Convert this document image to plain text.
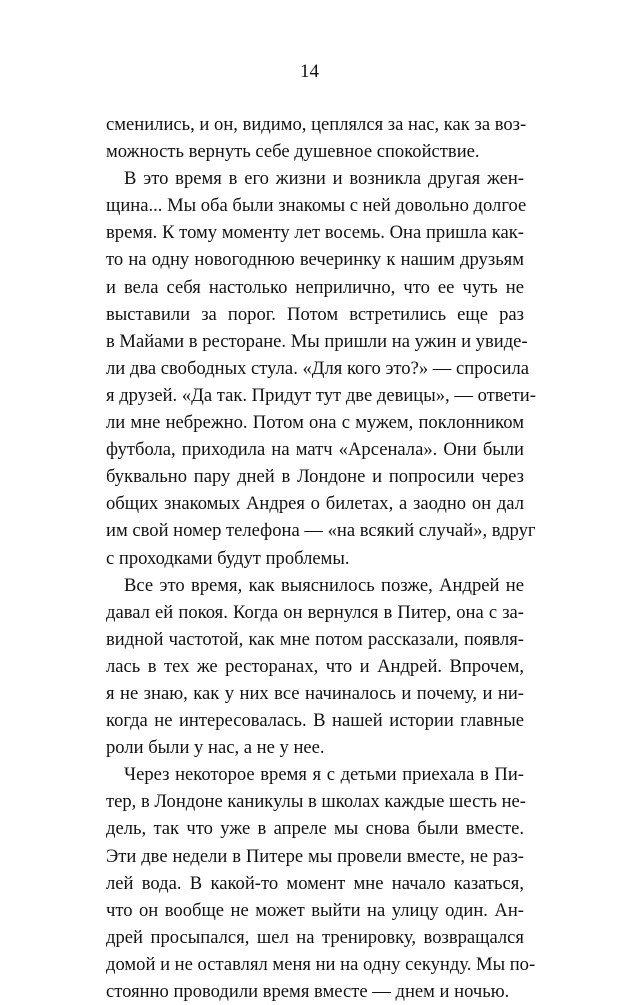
14
сменились, и он, видимо, цеплялся за нас, как за воз-
можность вернуть себе душевное спокойствие.
В это время в его жизни и возникла другая жен-
щина... Мы оба были знакомы с ней довольно долгое
время. К тому моменту лет восемь. Она пришла как-
то на одну новогоднюю вечеринку к нашим друзьям
и вела себя настолько неприлично, что ее чуть не
выставили за порог. Потом встретились еще раз
в Майами в ресторане. Мы пришли на ужин и увиде-
ли два свободных стула. «Для кого это?» — спросила
я друзей. «Да так. Придут тут две девицы», — ответи-
ли мне небрежно. Потом она с мужем, поклонником
футбола, приходила на матч «Арсенала». Они были
буквально пару дней в Лондоне и попросили через
общих знакомых Андрея о билетах, а заодно он дал
им свой номер телефона — «на всякий случай», вдруг
с проходками будут проблемы.
Все это время, как выяснилось позже, Андрей не
давал ей покоя. Когда он вернулся в Питер, она с за-
видной частотой, как мне потом рассказали, появля-
лась в тех же ресторанах, что и Андрей. Впрочем,
я не знаю, как у них все начиналось и почему, и ни-
когда не интересовалась. В нашей истории главные
роли были у нас, а не у нее.
Через некоторое время я с детьми приехала в Пи-
тер, в Лондоне каникулы в школах каждые шесть не-
дель, так что уже в апреле мы снова были вместе.
Эти две недели в Питере мы провели вместе, не раз-
лей вода. В какой-то момент мне начало казаться,
что он вообще не может выйти на улицу один. Ан-
дрей просыпался, шел на тренировку, возвращался
домой и не оставлял меня ни на одну секунду. Мы по-
стоянно проводили время вместе — днем и ночью.
